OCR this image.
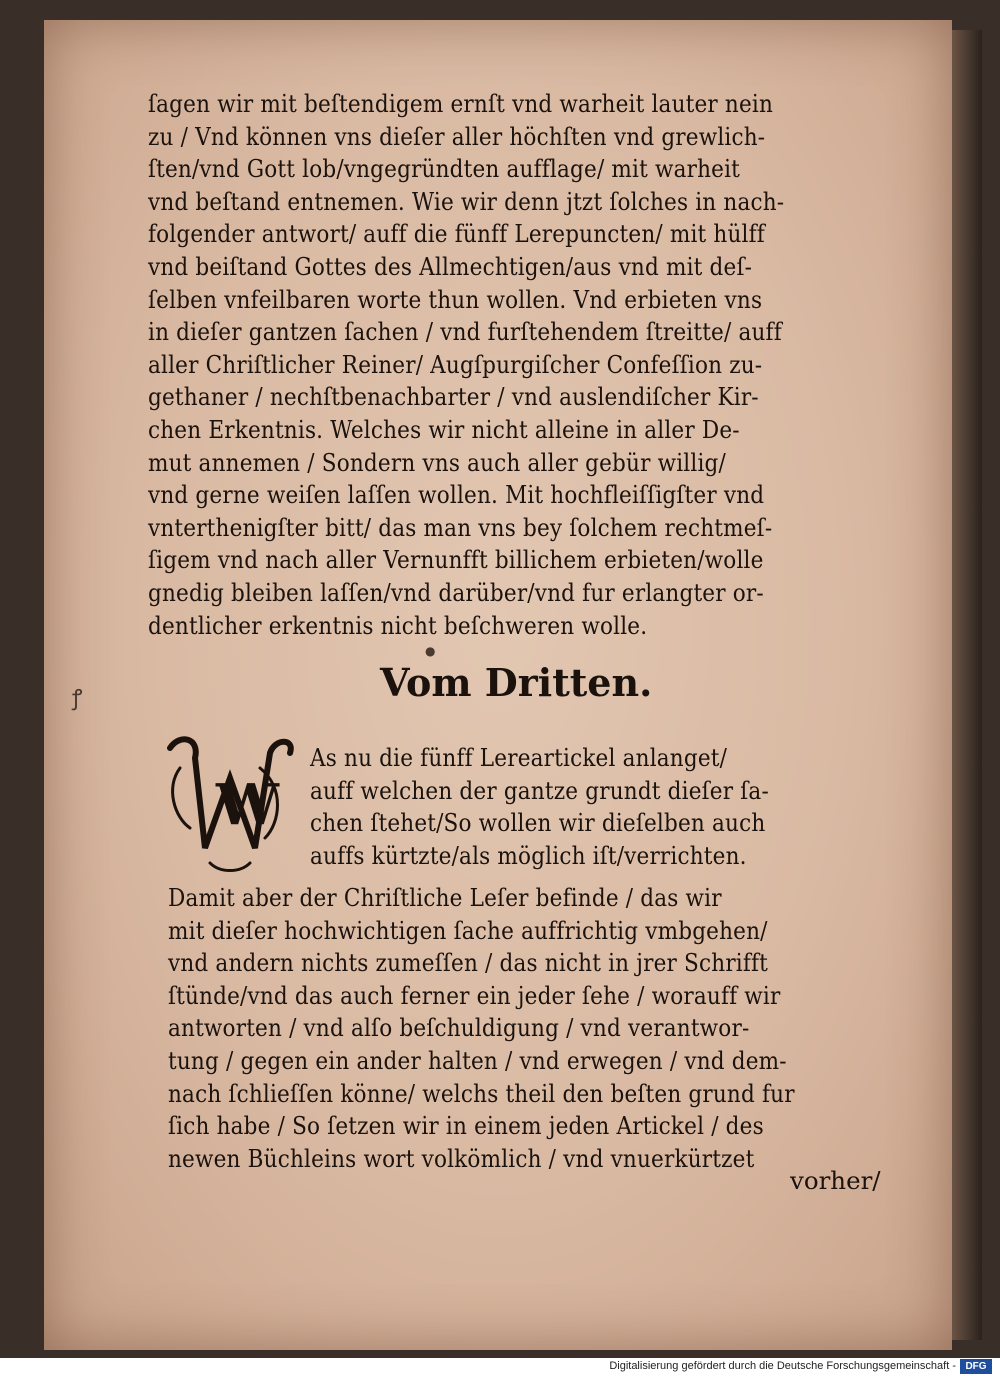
ſagen wir mit beſtendigem ernſt vnd warheit lauter nein
zu / Vnd können vns dieſer aller höchſten vnd grewlich-
ſten/vnd Gott lob/vngegründten aufflage/ mit warheit
vnd beſtand entnemen. Wie wir denn jtzt ſolches in nach-
folgender antwort/ auff die fünff Lerepuncten/ mit hülff
vnd beiſtand Gottes des Allmechtigen/aus vnd mit deſ-
ſelben vnfeilbaren worte thun wollen. Vnd erbieten vns
in dieſer gantzen ſachen / vnd furſtehendem ſtreitte/ auff
aller Chriſtlicher Reiner/ Augſpurgiſcher Confeſſion zu-
gethaner / nechſtbenachbarter / vnd auslendiſcher Kir-
chen Erkentnis. Welches wir nicht alleine in aller De-
mut annemen / Sondern vns auch aller gebür willig/
vnd gerne weiſen laſſen wollen. Mit hochfleiſſigſter vnd
vnterthenigſter bitt/ das man vns bey ſolchem rechtmeſ-
ſigem vnd nach aller Vernunfft billichem erbieten/wolle
gnedig bleiben laſſen/vnd darüber/vnd fur erlangter or-
dentlicher erkentnis nicht beſchweren wolle.
●
ꝭ	Vom Dritten.
W
As nu die fünff Lereartickel anlanget/
auff welchen der gantze grundt dieſer ſa-
chen ſtehet/So wollen wir dieſelben auch
auffs kürtzte/als möglich iſt/verrichten.
Damit aber der Chriſtliche Leſer befinde / das wir
mit dieſer hochwichtigen ſache auffrichtig vmbgehen/
vnd andern nichts zumeſſen / das nicht in jrer Schrifft
ſtünde/vnd das auch ferner ein jeder ſehe / worauff wir
antworten / vnd alſo beſchuldigung / vnd verantwor-
tung / gegen ein ander halten / vnd erwegen / vnd dem-
nach ſchlieſſen könne/ welchs theil den beſten grund fur
ſich habe / So ſetzen wir in einem jeden Artickel / des
newen Büchleins wort volkömlich / vnd vnuerkürtzet
vorher/
Digitalisierung gefördert durch die Deutsche Forschungsgemeinschaft - DFG
